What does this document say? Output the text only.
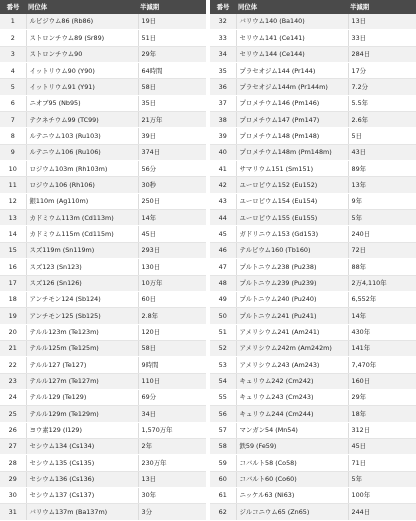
番号	同位体	半減期
1	ルビジウム86 (Rb86)	19日
2	ストロンチウム89 (Sr89)	51日
3	ストロンチウム90	29年
4	イットリウム90 (Y90)	64時間
5	イットリウム91 (Y91)	58日
6	ニオブ95 (Nb95)	35日
7	テクネチウム99 (TC99)	21万年
8	ルテニウム103 (Ru103)	39日
9	ルテニウム106 (Ru106)	374日
10	ロジウム103m (Rh103m)	56分
11	ロジウム106 (Rh106)	30秒
12	銀110m (Ag110m)	250日
13	カドミウム113m (Cd113m)	14年
14	カドミウム115m (Cd115m)	45日
15	スズ119m (Sn119m)	293日
16	スズ123 (Sn123)	130日
17	スズ126 (Sn126)	10万年
18	アンチモン124 (Sb124)	60日
19	アンチモン125 (Sb125)	2.8年
20	テルル123m (Te123m)	120日
21	テルル125m (Te125m)	58日
22	テルル127 (Te127)	9時間
23	テルル127m (Te127m)	110日
24	テルル129 (Te129)	69分
25	テルル129m (Te129m)	34日
26	ヨウ素129 (I129)	1,570万年
27	セシウム134 (Cs134)	2年
28	セシウム135 (Cs135)	230万年
29	セシウム136 (Cs136)	13日
30	セシウム137 (Cs137)	30年
31	バリウム137m (Ba137m)	3分
番号	同位体	半減期
32	バリウム140 (Ba140)	13日
33	セリウム141 (Ce141)	33日
34	セリウム144 (Ce144)	284日
35	プラセオジム144 (Pr144)	17分
36	プラセオジム144m (Pr144m)	7.2分
37	プロメチウム146 (Pm146)	5.5年
38	プロメチウム147 (Pm147)	2.6年
39	プロメチウム148 (Pm148)	5日
40	プロメチウム148m (Pm148m)	43日
41	サマリウム151 (Sm151)	89年
42	ユーロピウム152 (Eu152)	13年
43	ユーロピウム154 (Eu154)	9年
44	ユーロピウム155 (Eu155)	5年
45	ガドリニウム153 (Gd153)	240日
46	テルビウム160 (Tb160)	72日
47	プルトニウム238 (Pu238)	88年
48	プルトニウム239 (Pu239)	2万4,110年
49	プルトニウム240 (Pu240)	6,552年
50	プルトニウム241 (Pu241)	14年
51	アメリシウム241 (Am241)	430年
52	アメリシウム242m (Am242m)	141年
53	アメリシウム243 (Am243)	7,470年
54	キュリウム242 (Cm242)	160日
55	キュリウム243 (Cm243)	29年
56	キュリウム244 (Cm244)	18年
57	マンガン54 (Mn54)	312日
58	鉄59 (Fe59)	45日
59	コバルト58 (Co58)	71日
60	コバルト60 (Co60)	5年
61	ニッケル63 (Ni63)	100年
62	ジルコニウム65 (Zn65)	244日
